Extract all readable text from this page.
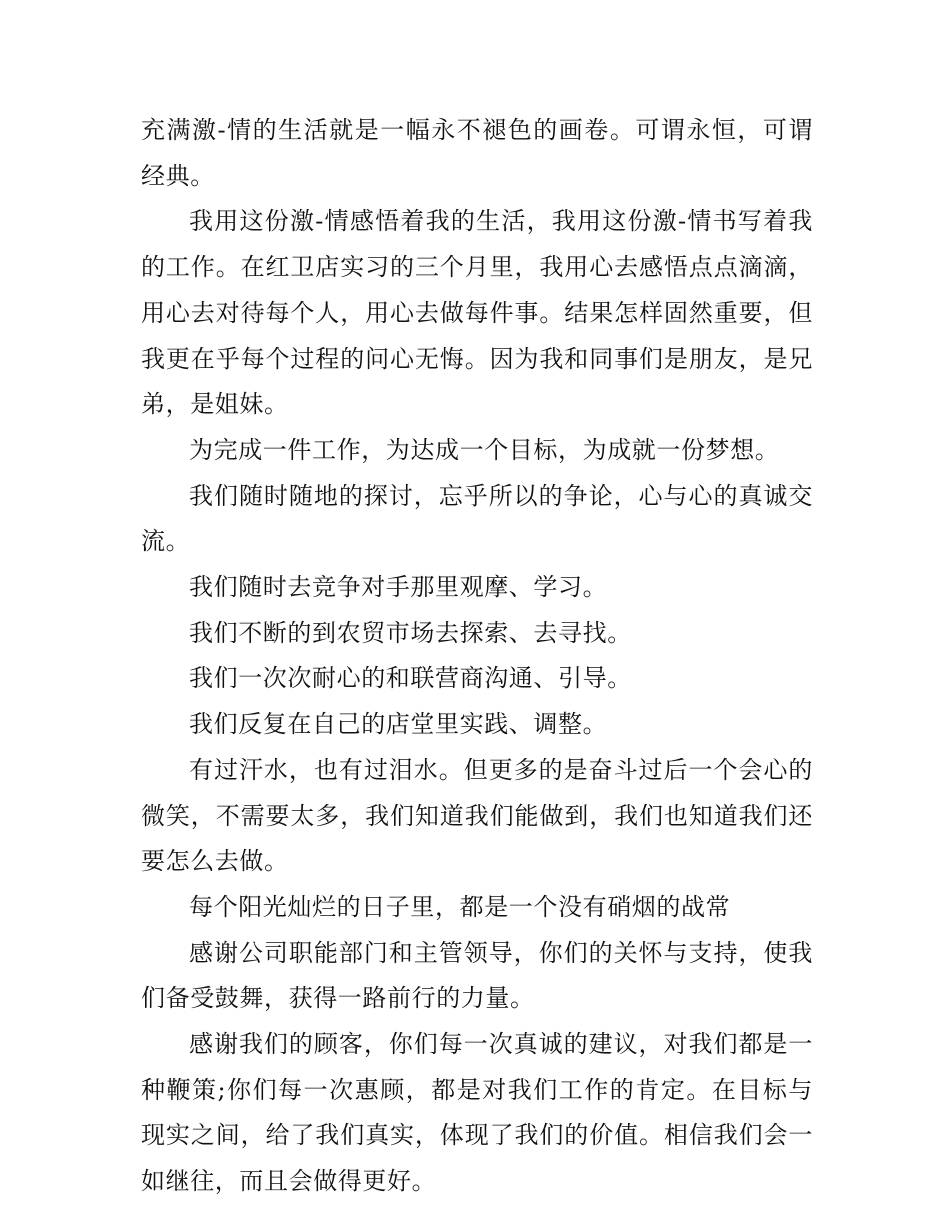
充满激-情的生活就是一幅永不褪色的画卷。可谓永恒，可谓经典。

我用这份激-情感悟着我的生活，我用这份激-情书写着我的工作。在红卫店实习的三个月里，我用心去感悟点点滴滴，用心去对待每个人，用心去做每件事。结果怎样固然重要，但我更在乎每个过程的问心无悔。因为我和同事们是朋友，是兄弟，是姐妹。

为完成一件工作，为达成一个目标，为成就一份梦想。

我们随时随地的探讨，忘乎所以的争论，心与心的真诚交流。

我们随时去竞争对手那里观摩、学习。

我们不断的到农贸市场去探索、去寻找。

我们一次次耐心的和联营商沟通、引导。

我们反复在自己的店堂里实践、调整。

有过汗水，也有过泪水。但更多的是奋斗过后一个会心的微笑，不需要太多，我们知道我们能做到，我们也知道我们还要怎么去做。

每个阳光灿烂的日子里，都是一个没有硝烟的战常

感谢公司职能部门和主管领导，你们的关怀与支持，使我们备受鼓舞，获得一路前行的力量。

感谢我们的顾客，你们每一次真诚的建议，对我们都是一种鞭策;你们每一次惠顾，都是对我们工作的肯定。在目标与现实之间，给了我们真实，体现了我们的价值。相信我们会一如继往，而且会做得更好。
